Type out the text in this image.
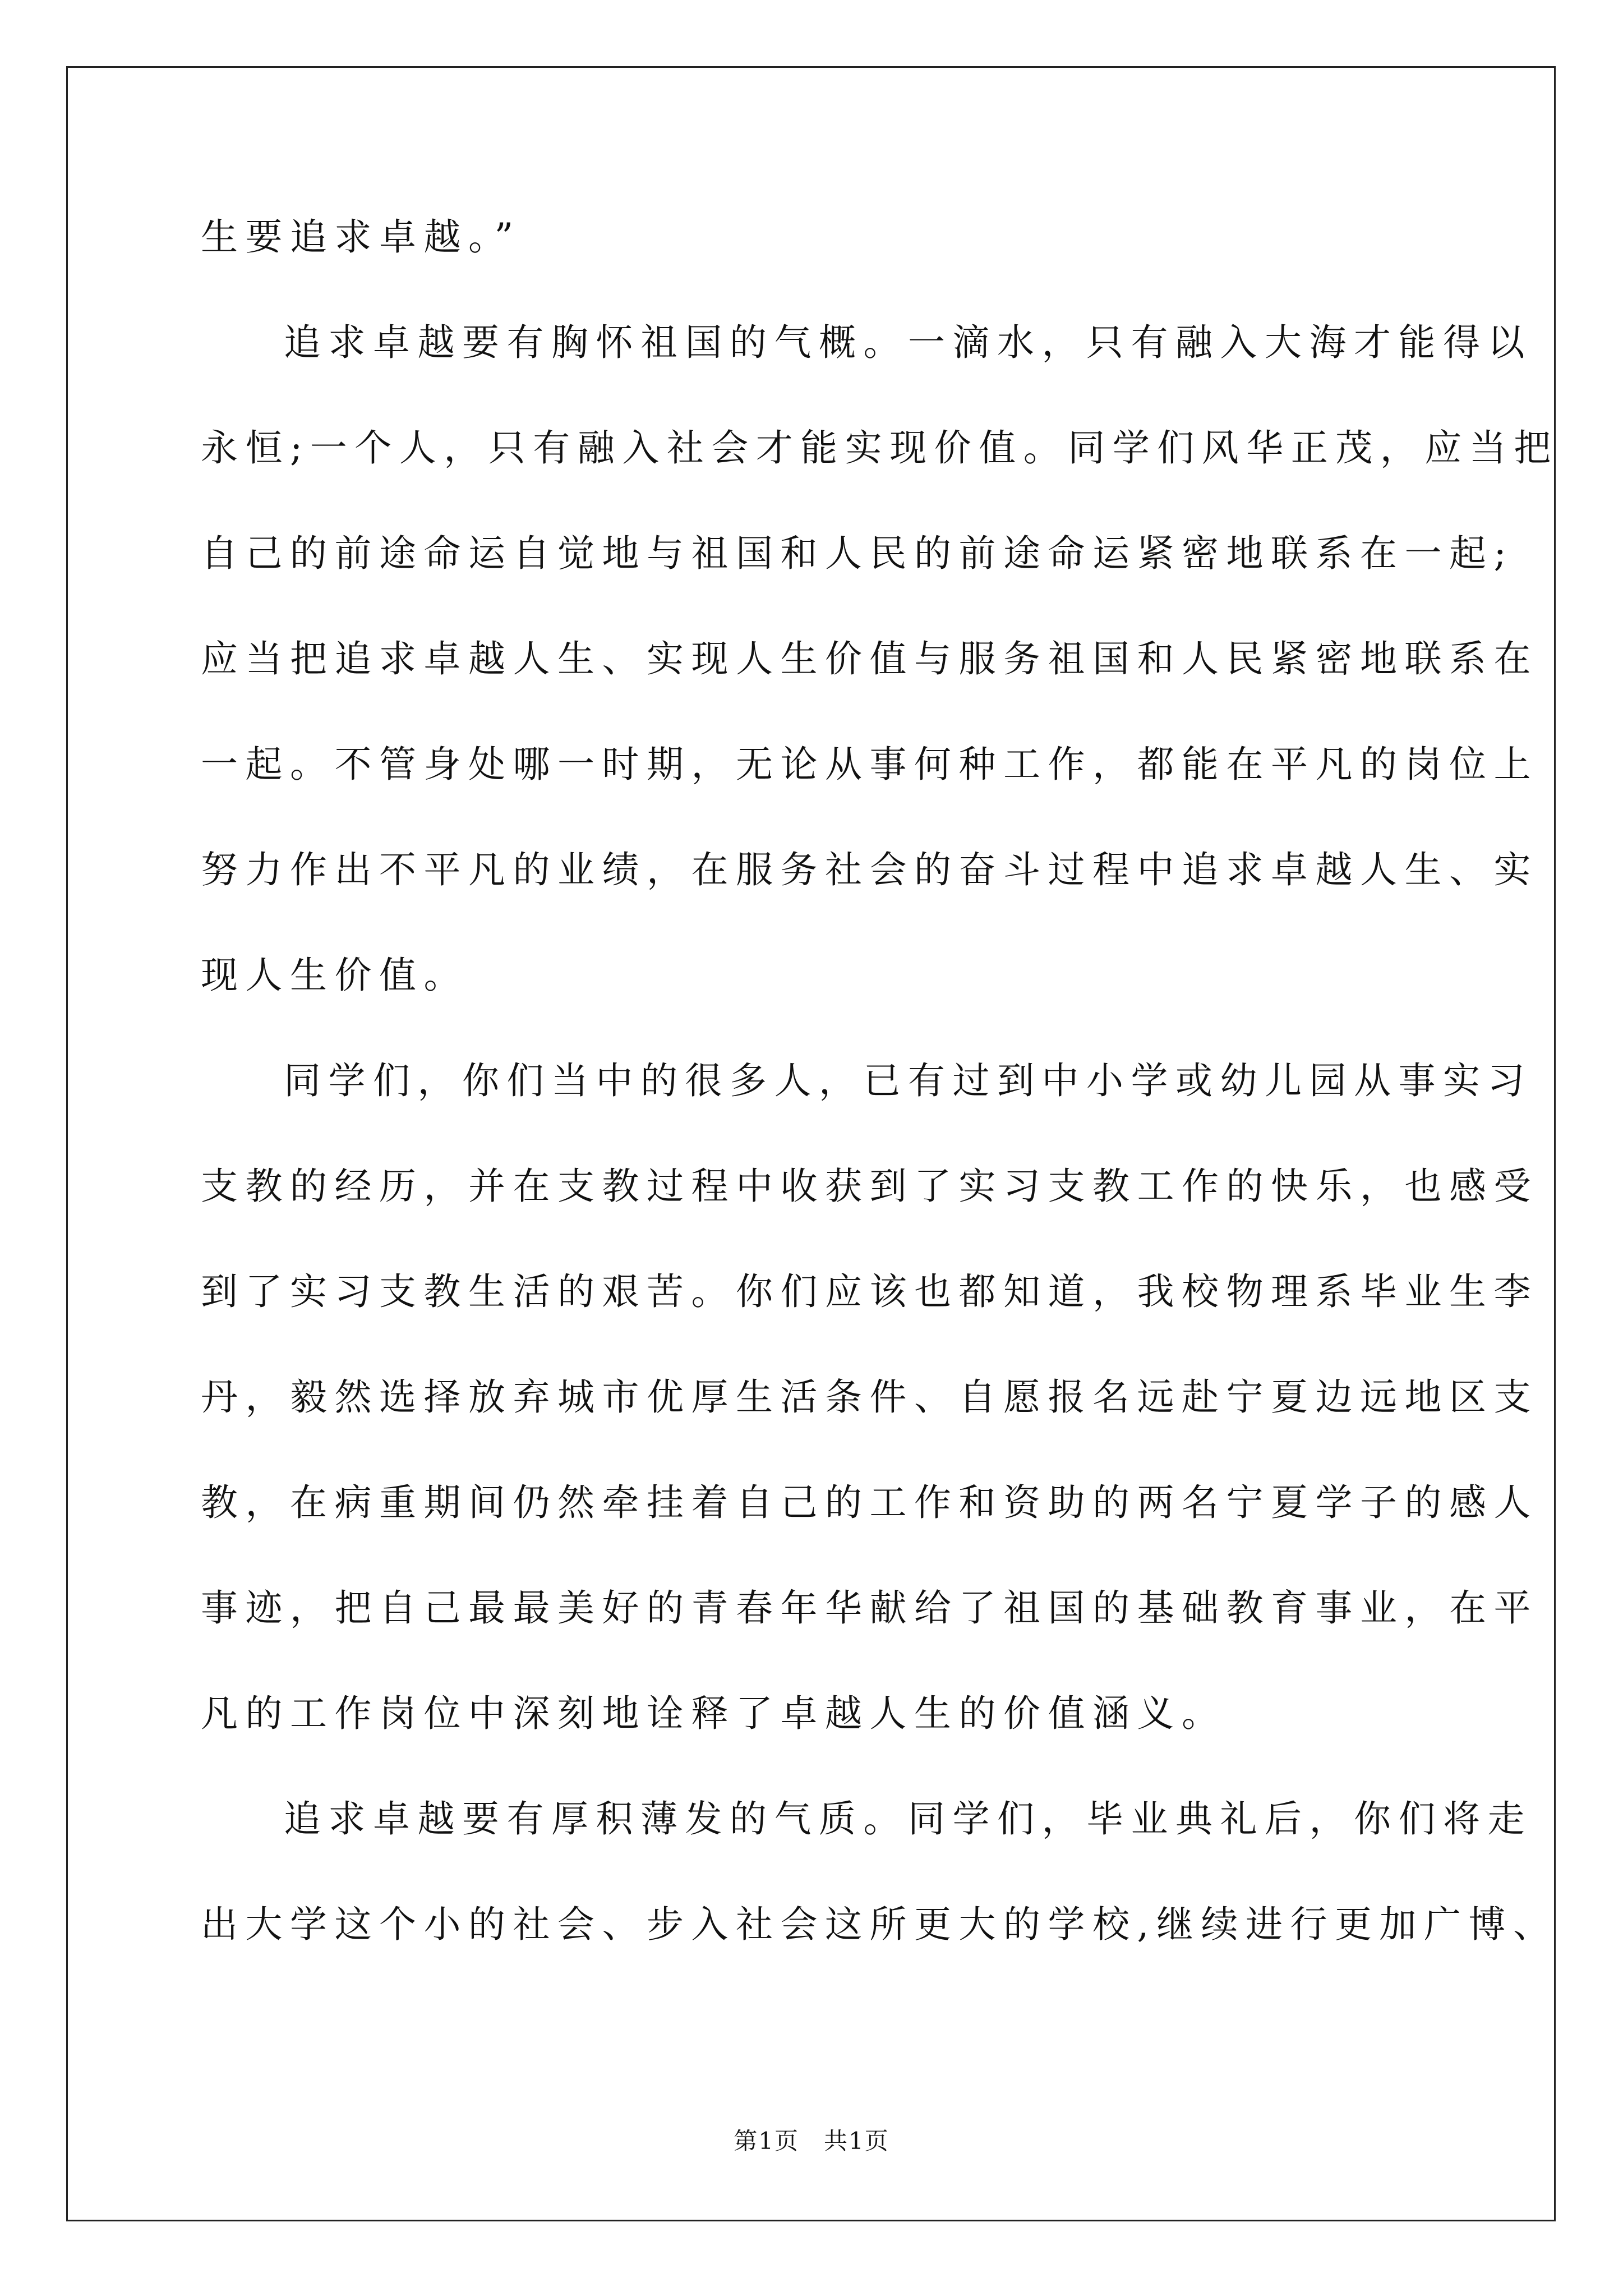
生要追求卓越。”
追求卓越要有胸怀祖国的气概。一滴水，只有融入大海才能得以
永恒;一个人，只有融入社会才能实现价值。同学们风华正茂，应当把
自己的前途命运自觉地与祖国和人民的前途命运紧密地联系在一起;
应当把追求卓越人生、实现人生价值与服务祖国和人民紧密地联系在
一起。不管身处哪一时期，无论从事何种工作，都能在平凡的岗位上
努力作出不平凡的业绩，在服务社会的奋斗过程中追求卓越人生、实
现人生价值。
同学们，你们当中的很多人，已有过到中小学或幼儿园从事实习
支教的经历，并在支教过程中收获到了实习支教工作的快乐，也感受
到了实习支教生活的艰苦。你们应该也都知道，我校物理系毕业生李
丹，毅然选择放弃城市优厚生活条件、自愿报名远赴宁夏边远地区支
教，在病重期间仍然牵挂着自己的工作和资助的两名宁夏学子的感人
事迹，把自己最最美好的青春年华献给了祖国的基础教育事业，在平
凡的工作岗位中深刻地诠释了卓越人生的价值涵义。
追求卓越要有厚积薄发的气质。同学们，毕业典礼后，你们将走
出大学这个小的社会、步入社会这所更大的学校,继续进行更加广博、
第1页　共1页
